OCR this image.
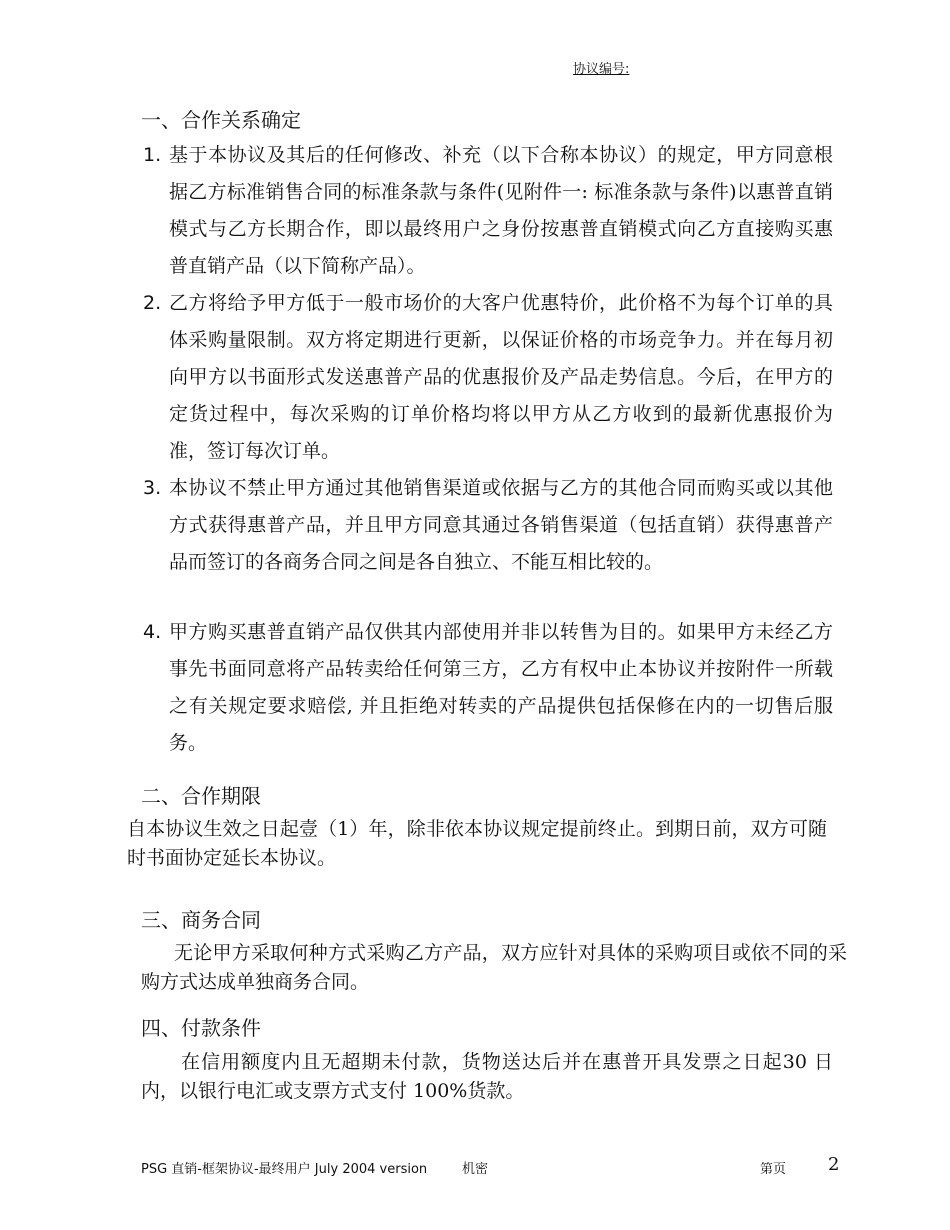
协议编号:
一、合作关系确定
1. 基于本协议及其后的任何修改、补充（以下合称本协议）的规定，甲方同意根据乙方标准销售合同的标准条款与条件(见附件一: 标准条款与条件)以惠普直销模式与乙方长期合作，即以最终用户之身份按惠普直销模式向乙方直接购买惠普直销产品（以下简称产品）。
2. 乙方将给予甲方低于一般市场价的大客户优惠特价，此价格不为每个订单的具体采购量限制。双方将定期进行更新，以保证价格的市场竞争力。并在每月初向甲方以书面形式发送惠普产品的优惠报价及产品走势信息。今后，在甲方的定货过程中，每次采购的订单价格均将以甲方从乙方收到的最新优惠报价为准，签订每次订单。
3. 本协议不禁止甲方通过其他销售渠道或依据与乙方的其他合同而购买或以其他方式获得惠普产品，并且甲方同意其通过各销售渠道（包括直销）获得惠普产品而签订的各商务合同之间是各自独立、不能互相比较的。
4. 甲方购买惠普直销产品仅供其内部使用并非以转售为目的。如果甲方未经乙方事先书面同意将产品转卖给任何第三方，乙方有权中止本协议并按附件一所载之有关规定要求赔偿, 并且拒绝对转卖的产品提供包括保修在内的一切售后服务。
二、合作期限
自本协议生效之日起壹（1）年，除非依本协议规定提前终止。到期日前，双方可随时书面协定延长本协议。
三、商务合同
无论甲方采取何种方式采购乙方产品，双方应针对具体的采购项目或依不同的采购方式达成单独商务合同。
四、付款条件
在信用额度内且无超期未付款，货物送达后并在惠普开具发票之日起30 日内，以银行电汇或支票方式支付 100%货款。
PSG 直销-框架协议-最终用户 July 2004 version	机密	第页 2
